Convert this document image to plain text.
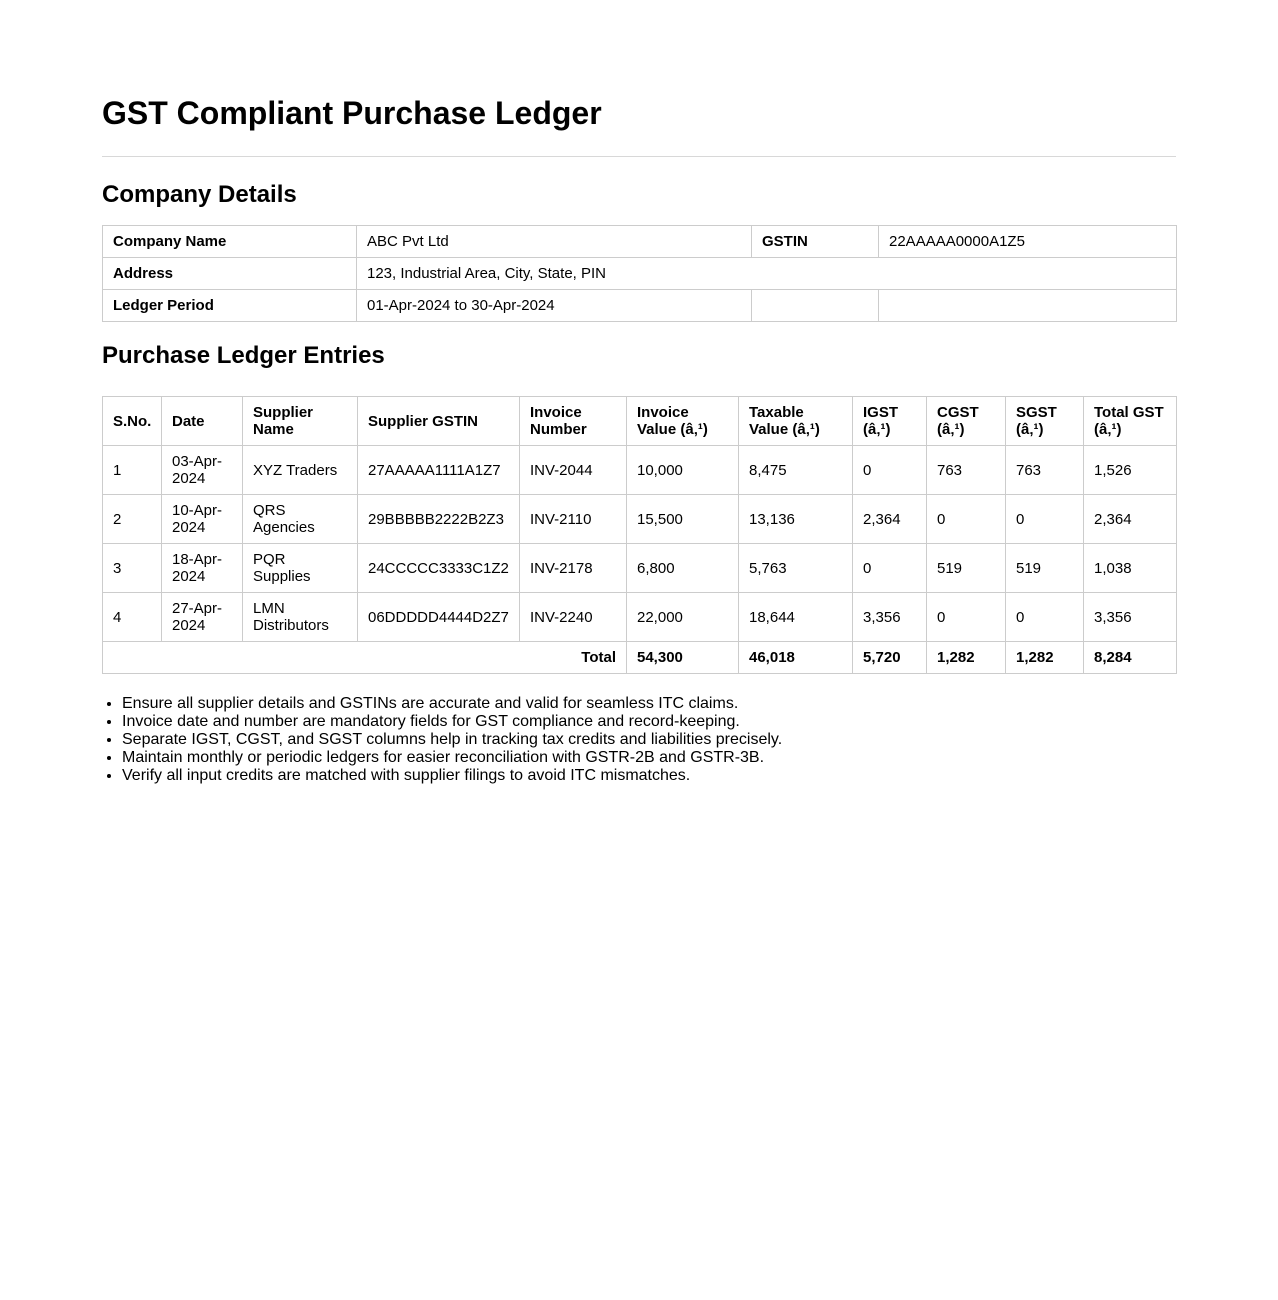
GST Compliant Purchase Ledger
Company Details
Company Name	ABC Pvt Ltd	GSTIN	22AAAAA0000A1Z5
Address	123, Industrial Area, City, State, PIN		
Ledger Period	01-Apr-2024 to 30-Apr-2024		
Purchase Ledger Entries
S.No.	Date	Supplier Name	Supplier GSTIN	Invoice Number	Invoice Value (â‚¹)	Taxable Value (â‚¹)	IGST (â‚¹)	CGST (â‚¹)	SGST (â‚¹)	Total GST (â‚¹)
1	03-Apr-2024	XYZ Traders	27AAAAA1111A1Z7	INV-2044	10,000	8,475	0	763	763	1,526
2	10-Apr-2024	QRS Agencies	29BBBBB2222B2Z3	INV-2110	15,500	13,136	2,364	0	0	2,364
3	18-Apr-2024	PQR Supplies	24CCCCC3333C1Z2	INV-2178	6,800	5,763	0	519	519	1,038
4	27-Apr-2024	LMN Distributors	06DDDDD4444D2Z7	INV-2240	22,000	18,644	3,356	0	0	3,356
Total					54,300	46,018	5,720	1,282	1,282	8,284
• Ensure all supplier details and GSTINs are accurate and valid for seamless ITC claims.
• Invoice date and number are mandatory fields for GST compliance and record-keeping.
• Separate IGST, CGST, and SGST columns help in tracking tax credits and liabilities precisely.
• Maintain monthly or periodic ledgers for easier reconciliation with GSTR-2B and GSTR-3B.
• Verify all input credits are matched with supplier filings to avoid ITC mismatches.
